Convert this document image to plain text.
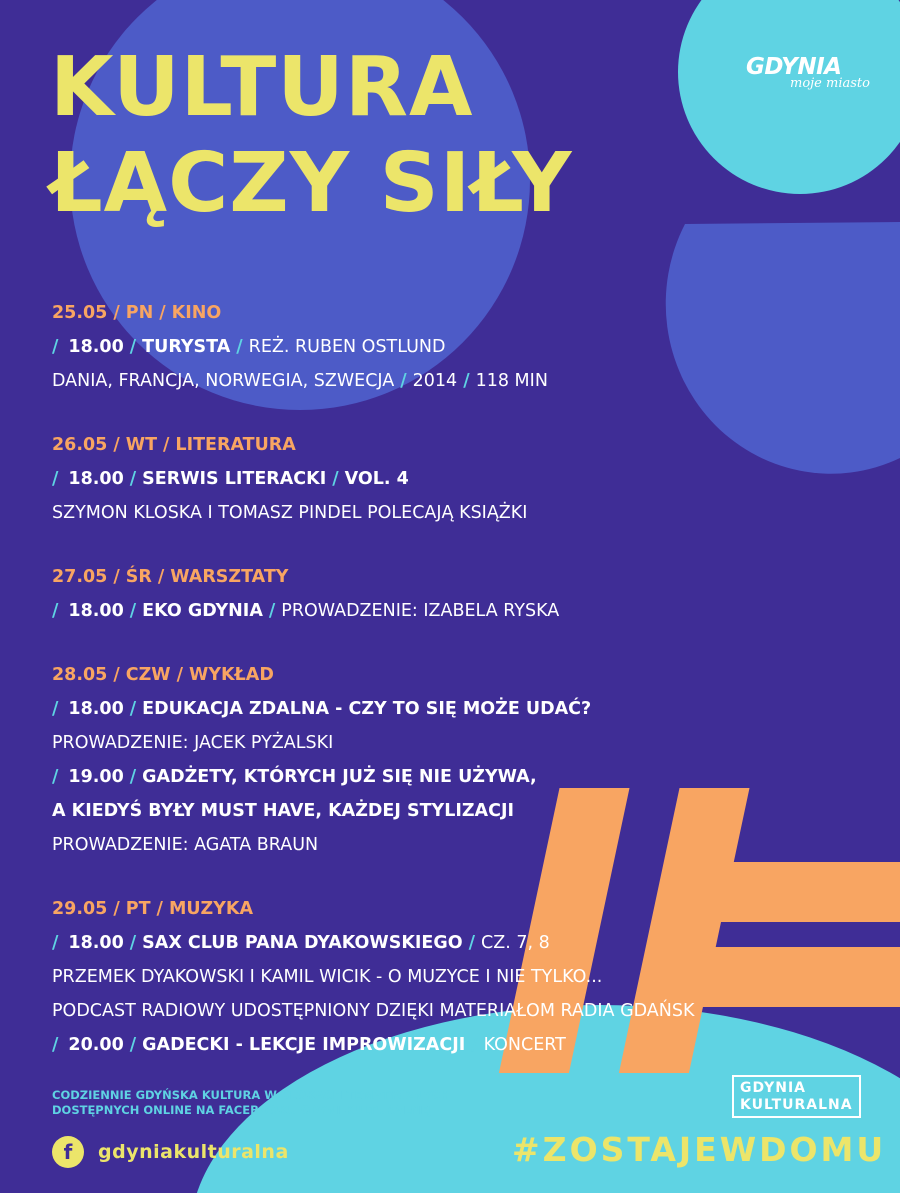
KULTURA
ŁĄCZY SIŁY
GDYNIA
moje miasto
25.05 / PN / KINO
/ 18.00 / TURYSTA / REŻ. RUBEN OSTLUND
DANIA, FRANCJA, NORWEGIA, SZWECJA / 2014 / 118 MIN
26.05 / WT / LITERATURA
/ 18.00 / SERWIS LITERACKI / VOL. 4
SZYMON KLOSKA I TOMASZ PINDEL POLECAJĄ KSIĄŻKI
27.05 / ŚR / WARSZTATY
/ 18.00 / EKO GDYNIA / PROWADZENIE: IZABELA RYSKA
28.05 / CZW / WYKŁAD
/ 18.00 / EDUKACJA ZDALNA - CZY TO SIĘ MOŻE UDAĆ?
PROWADZENIE: JACEK PYŻALSKI
/ 19.00 / GADŻETY, KTÓRYCH JUŻ SIĘ NIE UŻYWA,
A KIEDYŚ BYŁY MUST HAVE, KAŻDEJ STYLIZACJI
PROWADZENIE: AGATA BRAUN
29.05 / PT / MUZYKA
/ 18.00 / SAX CLUB PANA DYAKOWSKIEGO / CZ. 7, 8
PRZEMEK DYAKOWSKI I KAMIL WICIK - O MUZYCE I NIE TYLKO...
PODCAST RADIOWY UDOSTĘPNIONY DZIĘKI MATERIAŁOM RADIA GDAŃSK
/ 20.00 / GADECKI - LEKCJE IMPROWIZACJI / KONCERT
CODZIENNIE GDYŃSKA KULTURA W BLOKACH TEMATYCZNYCH
DOSTĘPNYCH ONLINE NA FACEBOOKU GDYNI KULTURALNEJ
f	gdyniakulturalna
GDYNIA
KULTURALNA
#ZOSTAJEWDOMU
